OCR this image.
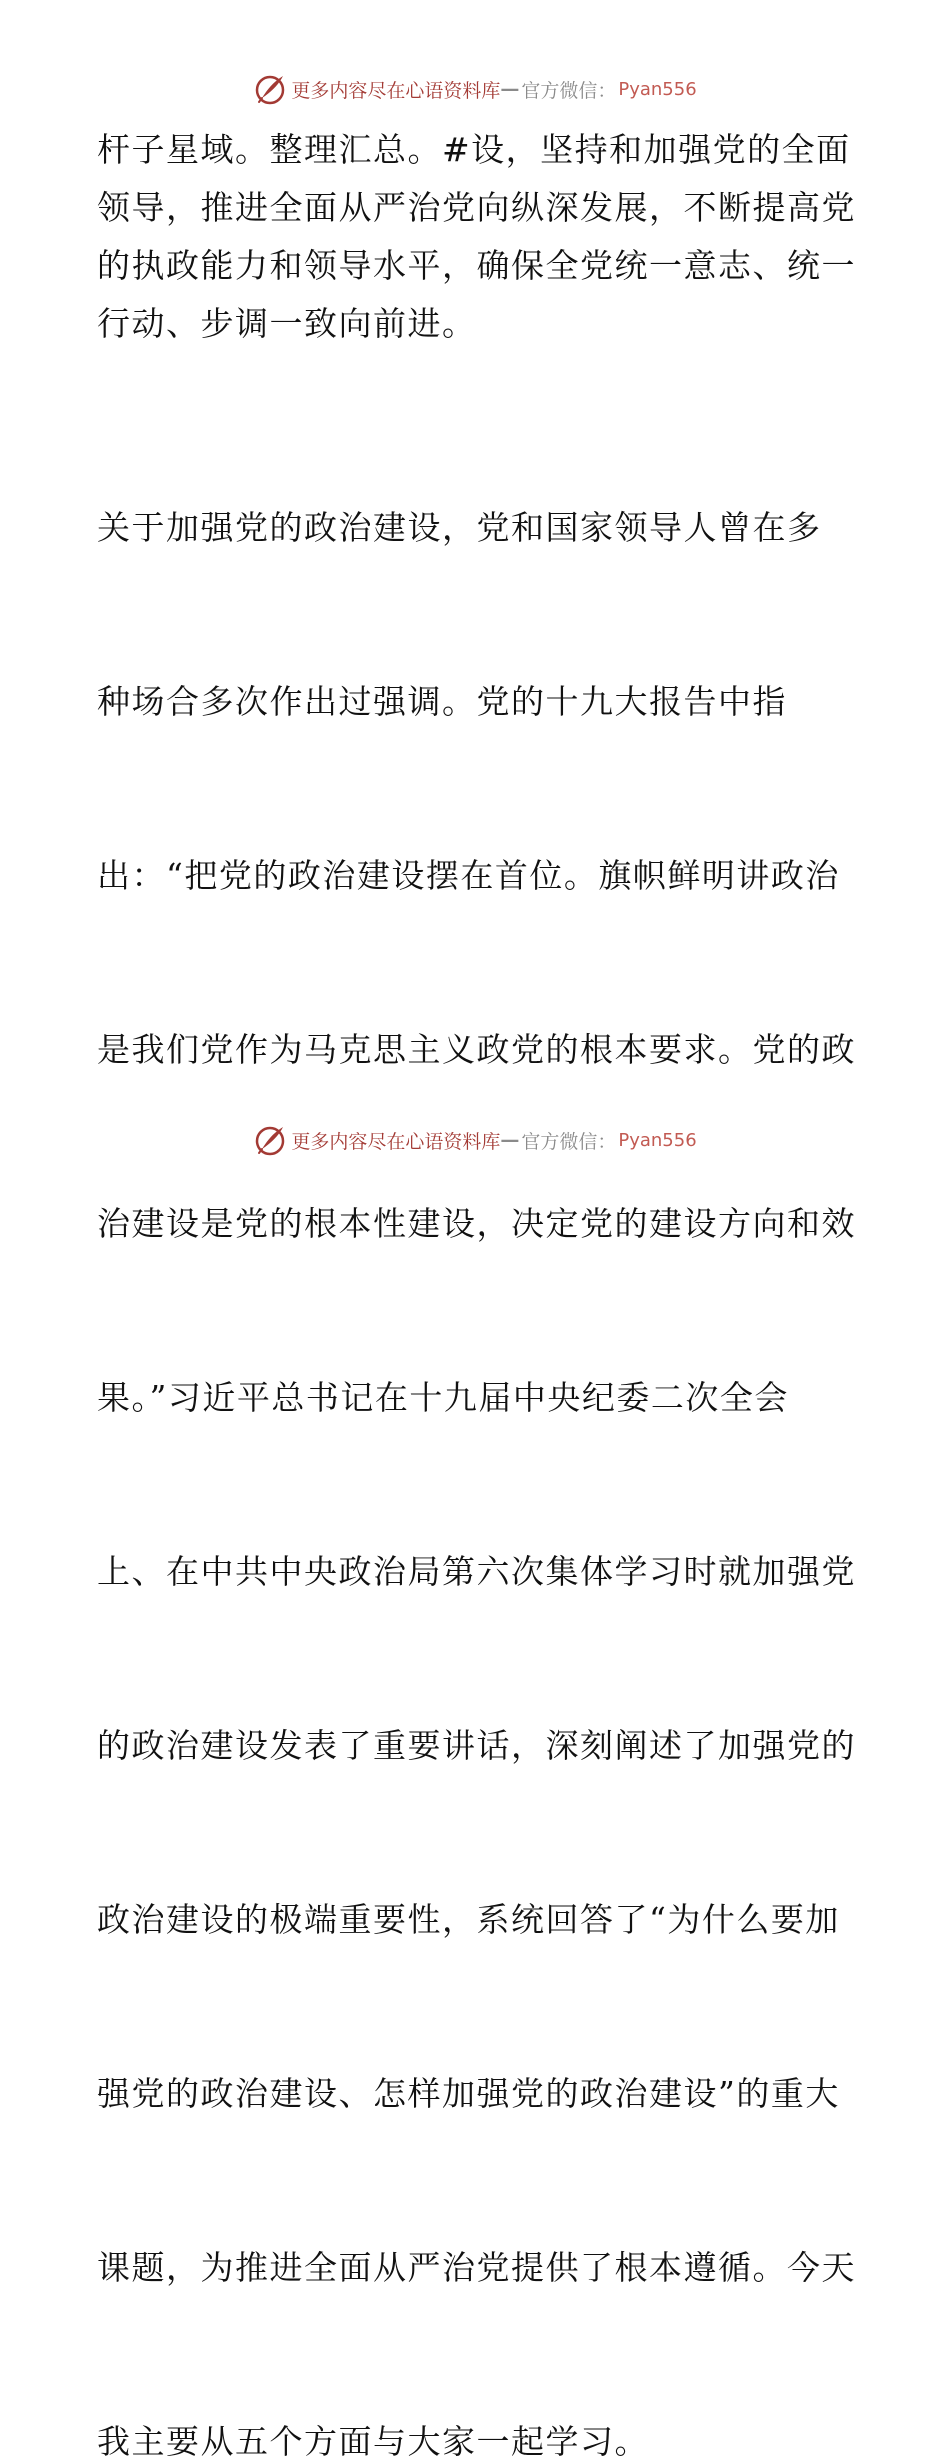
更多内容尽在心语资料库 — 官方微信： Pyan556

杆子星域。整理汇总。#设，坚持和加强党的全面
领导，推进全面从严治党向纵深发展，不断提高党
的执政能力和领导水平，确保全党统一意志、统一
行动、步调一致向前进。

关于加强党的政治建设，党和国家领导人曾在多

种场合多次作出过强调。党的十九大报告中指

出：“把党的政治建设摆在首位。旗帜鲜明讲政治

是我们党作为马克思主义政党的根本要求。党的政

治建设是党的根本性建设，决定党的建设方向和效

果。”习近平总书记在十九届中央纪委二次全会

上、在中共中央政治局第六次集体学习时就加强党

的政治建设发表了重要讲话，深刻阐述了加强党的

政治建设的极端重要性，系统回答了“为什么要加

强党的政治建设、怎样加强党的政治建设”的重大

课题，为推进全面从严治党提供了根本遵循。今天

我主要从五个方面与大家一起学习。

更多内容尽在心语资料库 — 官方微信： Pyan556
